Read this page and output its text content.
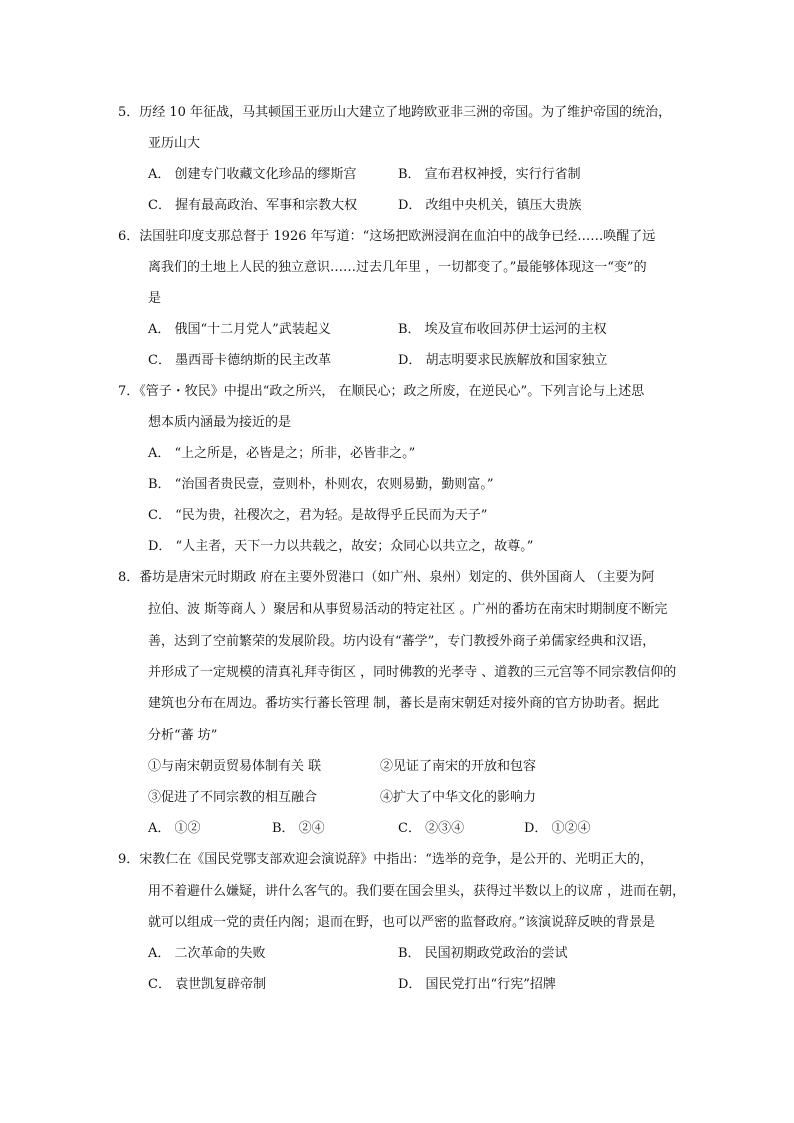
5．历经 10 年征战，马其顿国王亚历山大建立了地跨欧亚非三洲的帝国。为了维护帝国的统治，
亚历山大
A． 创建专门收藏文化珍品的缪斯宫	B． 宣布君权神授，实行行省制
C． 握有最高政治、军事和宗教大权	D． 改组中央机关，镇压大贵族
6．法国驻印度支那总督于 1926 年写道：“这场把欧洲浸润在血泊中的战争已经……唤醒了远
离我们的土地上人民的独立意识……过去几年里 ，一切都变了。”最能够体现这一“变”的
是
A． 俄国“十二月党人”武装起义	B． 埃及宣布收回苏伊士运河的主权
C． 墨西哥卡德纳斯的民主改革	D． 胡志明要求民族解放和国家独立
7．《管子・牧民》中提出“政之所兴， 在顺民心；政之所废，在逆民心”。下列言论与上述思
想本质内涵最为接近的是
A． “上之所是，必皆是之；所非，必皆非之。”
B． “治国者贵民壹，壹则朴，朴则农，农则易勤，勤则富。”
C． “民为贵，社稷次之，君为轻。是故得乎丘民而为天子”
D． “人主者，天下一力以共载之，故安；众同心以共立之，故尊。”
8．番坊是唐宋元时期政 府在主要外贸港口（如广州、泉州）划定的、供外国商人 （主要为阿
拉伯、波 斯等商人 ）聚居和从事贸易活动的特定社区 。广州的番坊在南宋时期制度不断完
善，达到了空前繁荣的发展阶段。坊内设有“蕃学”，专门教授外商子弟儒家经典和汉语，
并形成了一定规模的清真礼拜寺街区 ，同时佛教的光孝寺 、道教的三元宫等不同宗教信仰的
建筑也分布在周边。番坊实行蕃长管理 制，蕃长是南宋朝廷对接外商的官方协助者。据此
分析“蕃 坊”
①与南宋朝贡贸易体制有关 联	②见证了南宋的开放和包容
③促进了不同宗教的相互融合	④扩大了中华文化的影响力
A． ①②	B． ②④	C． ②③④	D． ①②④
9．宋教仁在《国民党鄂支部欢迎会演说辞》中指出：“选举的竞争，是公开的、光明正大的，
用不着避什么嫌疑，讲什么客气的。我们要在国会里头，获得过半数以上的议席 ，进而在朝，
就可以组成一党的责任内阁；退而在野，也可以严密的监督政府。”该演说辞反映的背景是
A． 二次革命的失败	B． 民国初期政党政治的尝试
C． 袁世凯复辟帝制	D． 国民党打出“行宪”招牌
